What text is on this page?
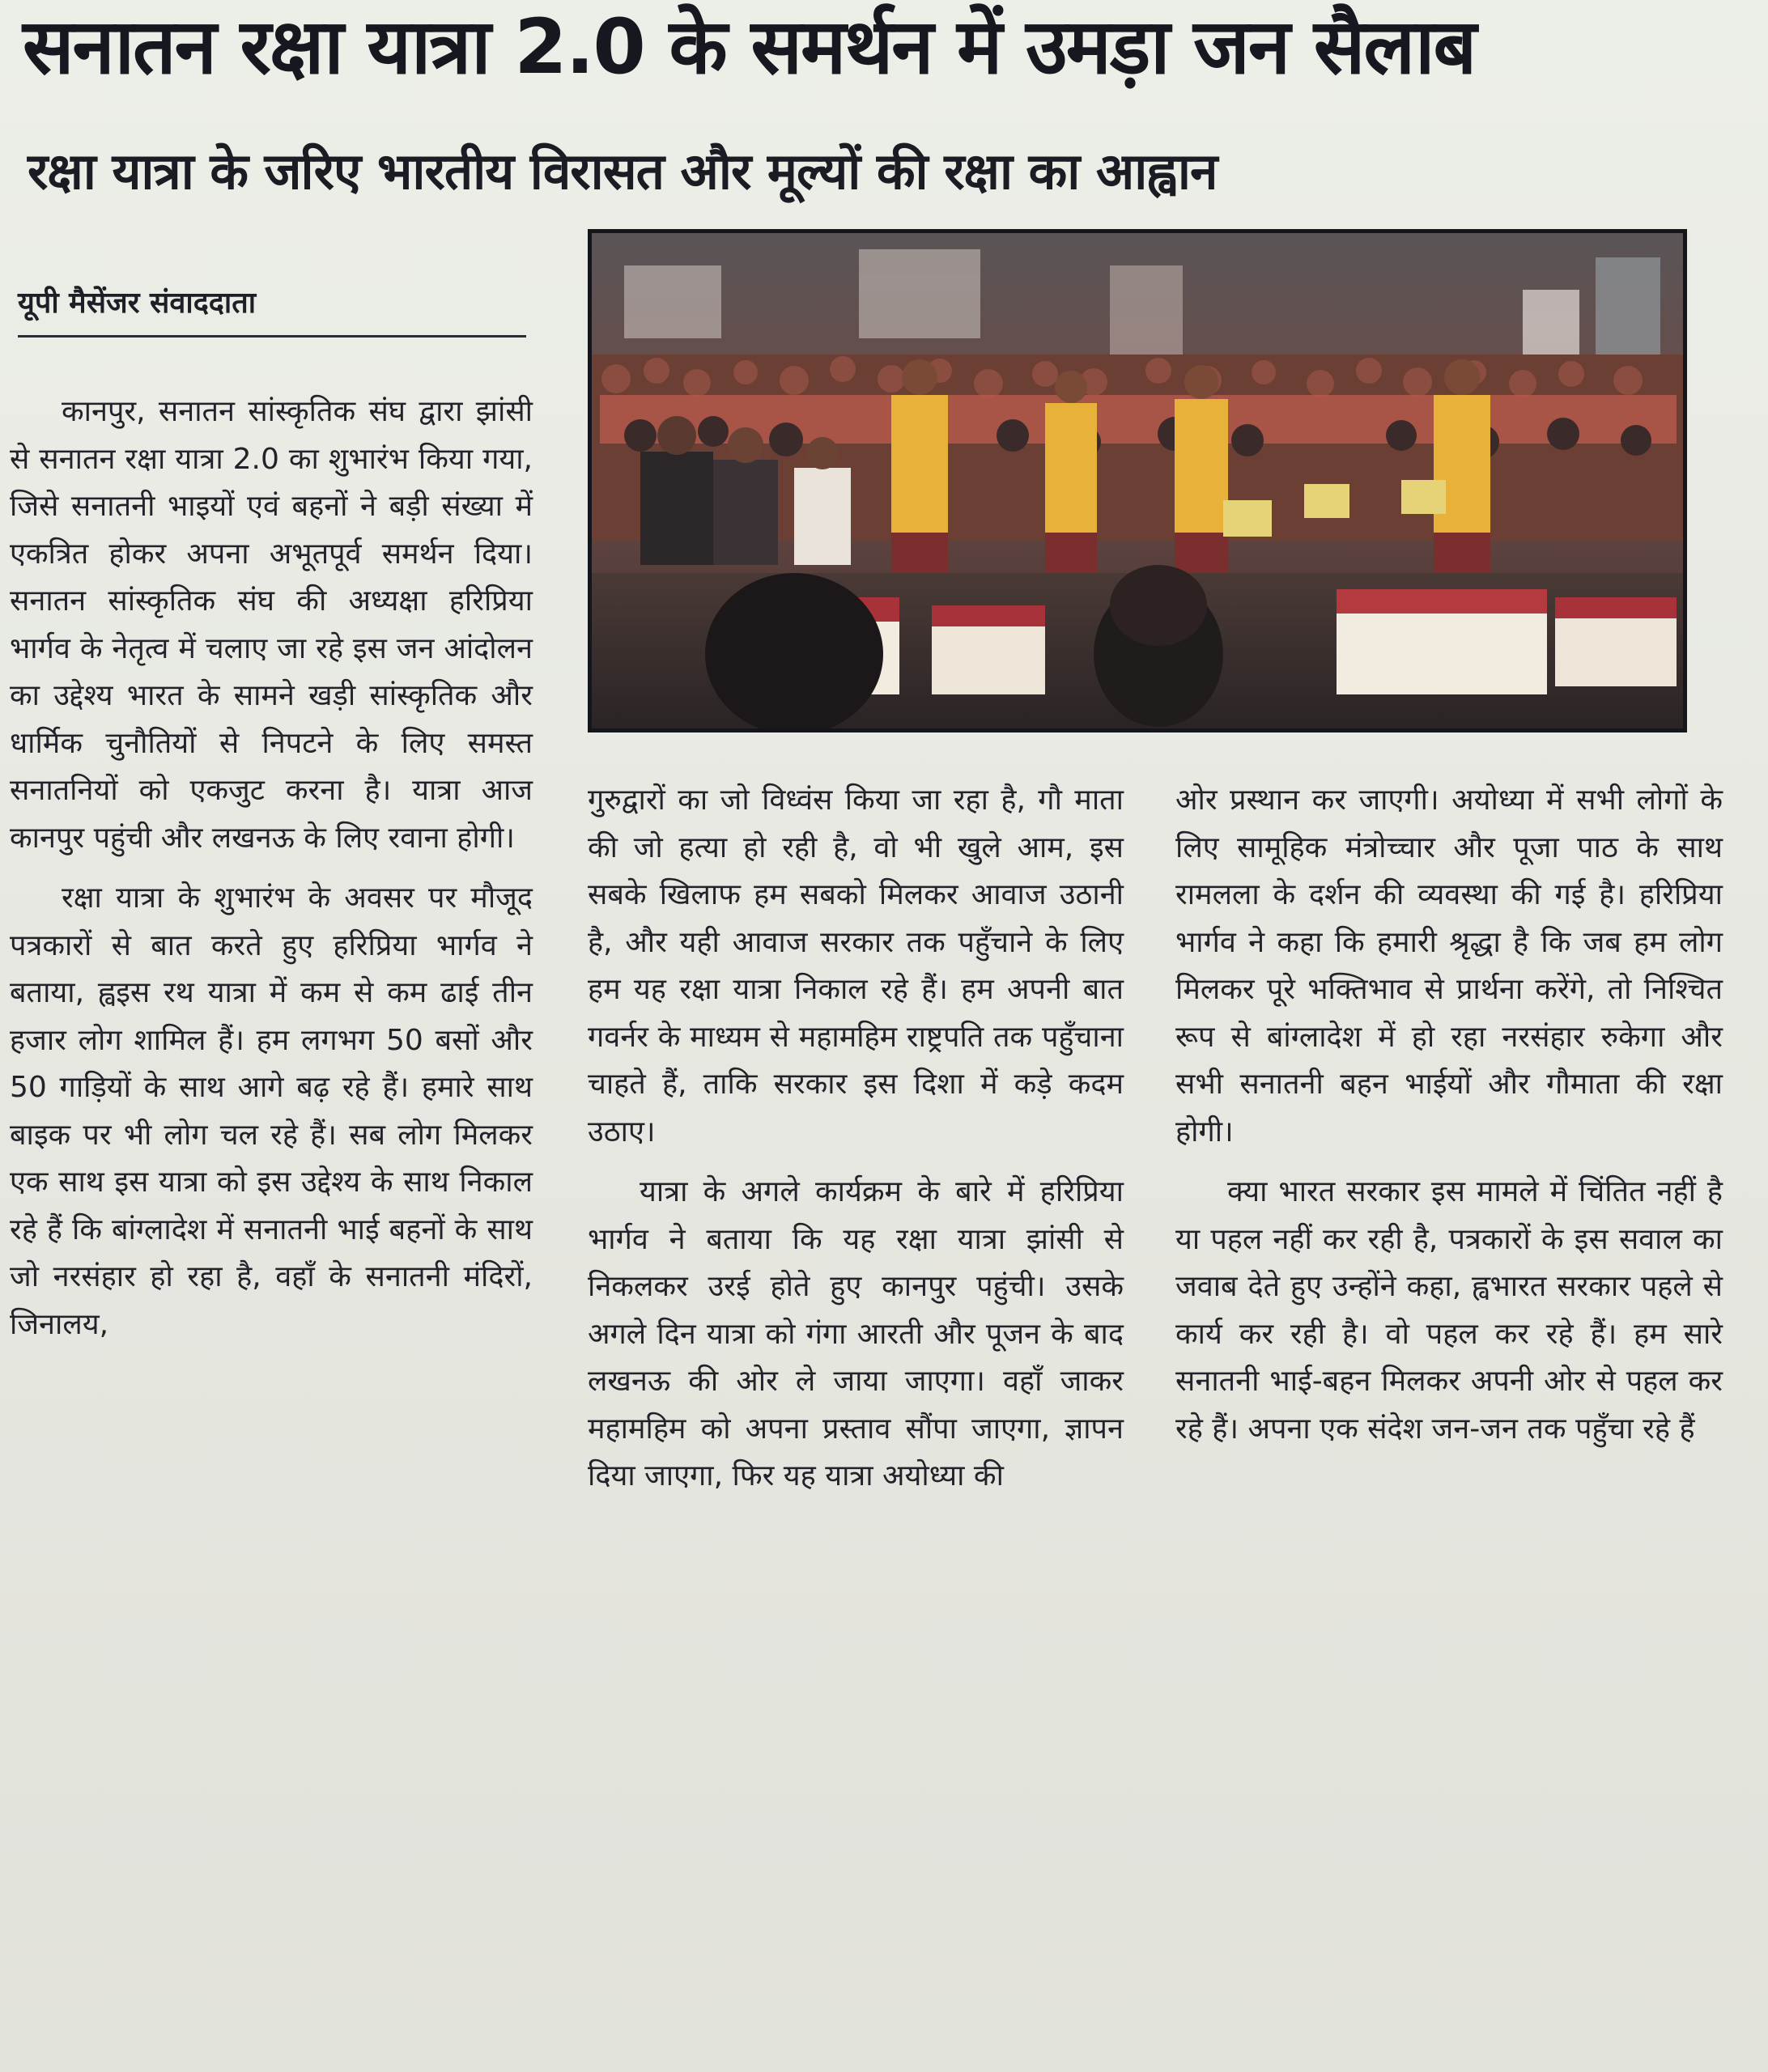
सनातन रक्षा यात्रा 2.0 के समर्थन में उमड़ा जन सैलाब
रक्षा यात्रा के जरिए भारतीय विरासत और मूल्यों की रक्षा का आह्वान
यूपी मैसेंजर संवाददाता

कानपुर, सनातन सांस्कृतिक संघ द्वारा झांसी से सनातन रक्षा यात्रा 2.0 का शुभारंभ किया गया, जिसे सनातनी भाइयों एवं बहनों ने बड़ी संख्या में एकत्रित होकर अपना अभूतपूर्व समर्थन दिया। सनातन सांस्कृतिक संघ की अध्यक्षा हरिप्रिया भार्गव के नेतृत्व में चलाए जा रहे इस जन आंदोलन का उद्देश्य भारत के सामने खड़ी सांस्कृतिक और धार्मिक चुनौतियों से निपटने के लिए समस्त सनातनियों को एकजुट करना है। यात्रा आज कानपुर पहुंची और लखनऊ के लिए रवाना होगी।

रक्षा यात्रा के शुभारंभ के अवसर पर मौजूद पत्रकारों से बात करते हुए हरिप्रिया भार्गव ने बताया, ह्वइस रथ यात्रा में कम से कम ढाई तीन हजार लोग शामिल हैं। हम लगभग 50 बसों और 50 गाड़ियों के साथ आगे बढ़ रहे हैं। हमारे साथ बाइक पर भी लोग चल रहे हैं। सब लोग मिलकर एक साथ इस यात्रा को इस उद्देश्य के साथ निकाल रहे हैं कि बांग्लादेश में सनातनी भाई बहनों के साथ जो नरसंहार हो रहा है, वहाँ के सनातनी मंदिरों, जिनालय,

गुरुद्वारों का जो विध्वंस किया जा रहा है, गौ माता की जो हत्या हो रही है, वो भी खुले आम, इस सबके खिलाफ हम सबको मिलकर आवाज उठानी है, और यही आवाज सरकार तक पहुँचाने के लिए हम यह रक्षा यात्रा निकाल रहे हैं। हम अपनी बात गवर्नर के माध्यम से महामहिम राष्ट्रपति तक पहुँचाना चाहते हैं, ताकि सरकार इस दिशा में कड़े कदम उठाए।

यात्रा के अगले कार्यक्रम के बारे में हरिप्रिया भार्गव ने बताया कि यह रक्षा यात्रा झांसी से निकलकर उरई होते हुए कानपुर पहुंची। उसके अगले दिन यात्रा को गंगा आरती और पूजन के बाद लखनऊ की ओर ले जाया जाएगा। वहाँ जाकर महामहिम को अपना प्रस्ताव सौंपा जाएगा, ज्ञापन दिया जाएगा, फिर यह यात्रा अयोध्या की

ओर प्रस्थान कर जाएगी। अयोध्या में सभी लोगों के लिए सामूहिक मंत्रोच्चार और पूजा पाठ के साथ रामलला के दर्शन की व्यवस्था की गई है। हरिप्रिया भार्गव ने कहा कि हमारी श्रृद्धा है कि जब हम लोग मिलकर पूरे भक्तिभाव से प्रार्थना करेंगे, तो निश्चित रूप से बांग्लादेश में हो रहा नरसंहार रुकेगा और सभी सनातनी बहन भाईयों और गौमाता की रक्षा होगी।

क्या भारत सरकार इस मामले में चिंतित नहीं है या पहल नहीं कर रही है, पत्रकारों के इस सवाल का जवाब देते हुए उन्होंने कहा, ह्वभारत सरकार पहले से कार्य कर रही है। वो पहल कर रहे हैं। हम सारे सनातनी भाई-बहन मिलकर अपनी ओर से पहल कर रहे हैं। अपना एक संदेश जन-जन तक पहुँचा रहे हैं
